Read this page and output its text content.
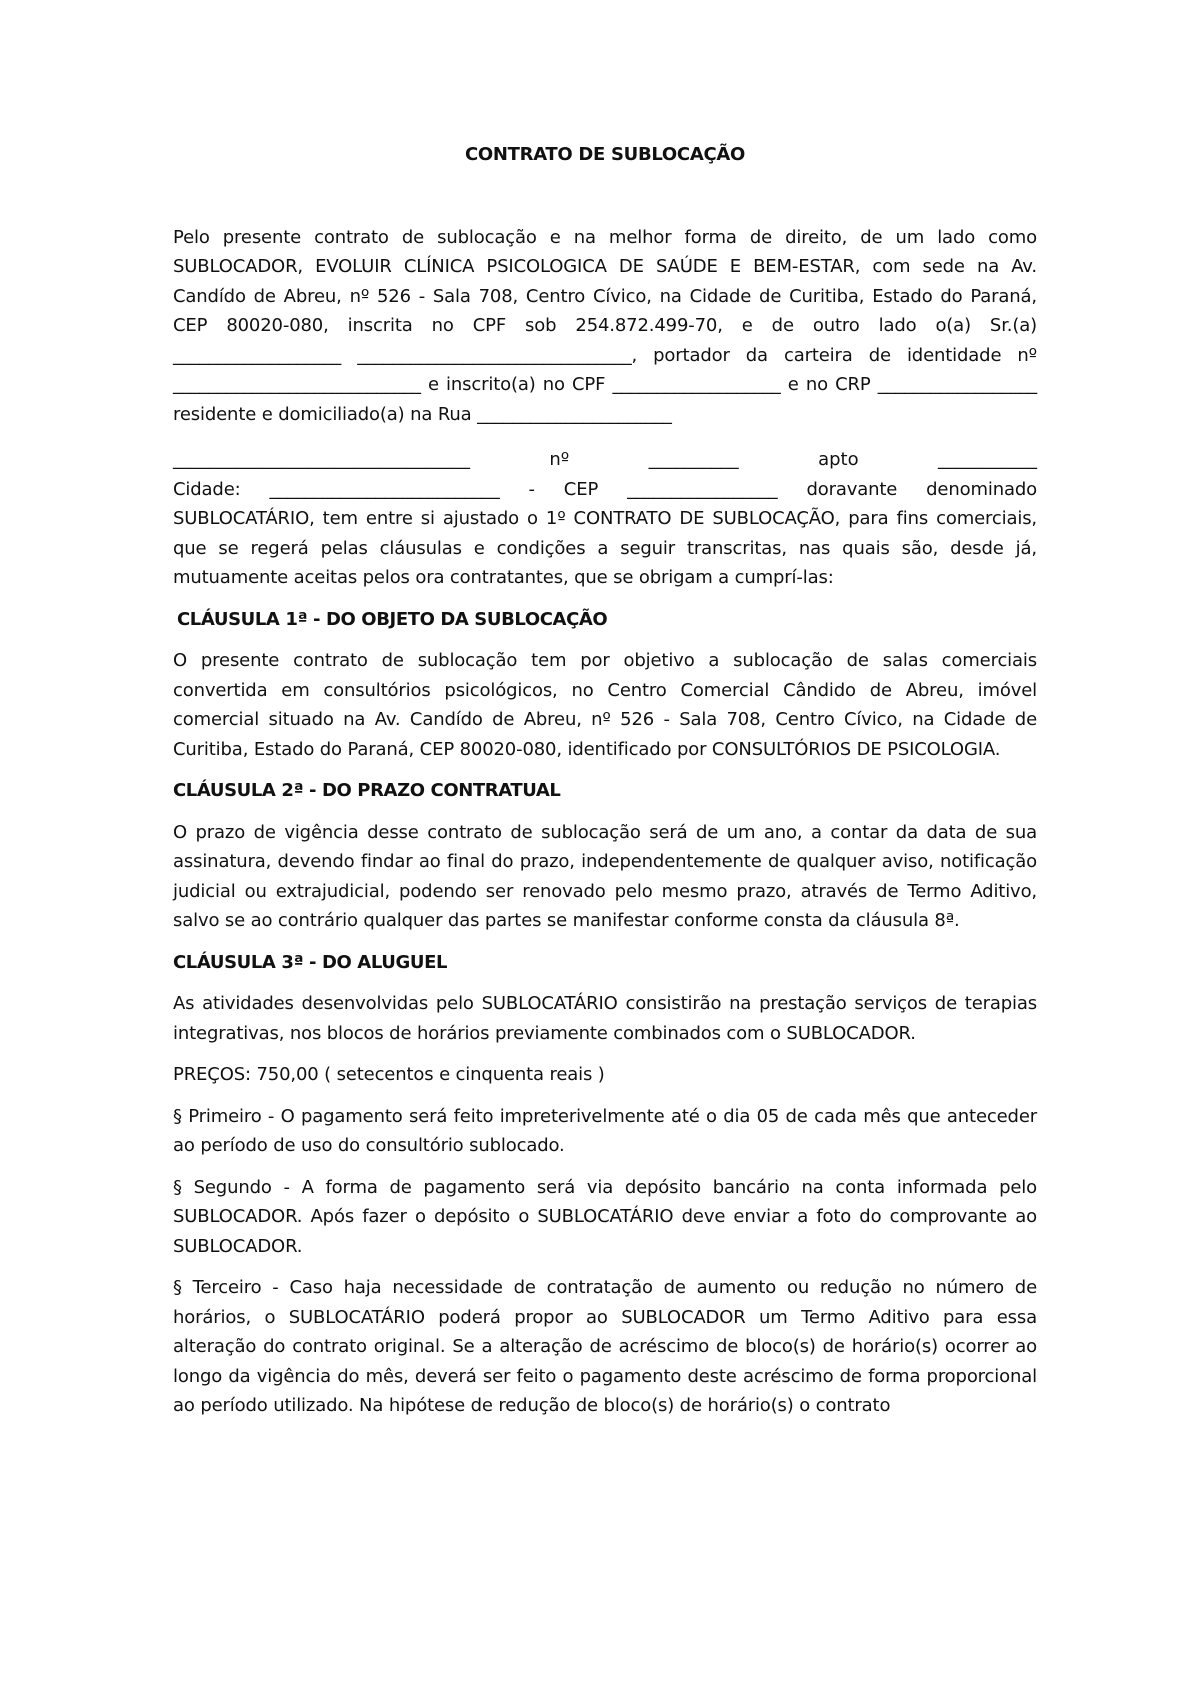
CONTRATO DE SUBLOCAÇÃO

Pelo presente contrato de sublocação e na melhor forma de direito, de um lado como SUBLOCADOR, EVOLUIR CLÍNICA PSICOLOGICA DE SAÚDE E BEM-ESTAR, com sede na Av. Candído de Abreu, nº 526 - Sala 708, Centro Cívico, na Cidade de Curitiba, Estado do Paraná, CEP 80020-080, inscrita no CPF sob 254.872.499-70, e de outro lado o(a) Sr.(a) ___________________ _______________________________, portador da carteira de identidade nº ____________________________ e inscrito(a) no CPF ___________________ e no CRP __________________ residente e domiciliado(a) na Rua ______________________

_________________________________ nº __________ apto ___________

Cidade: __________________________ - CEP _________________ doravante denominado SUBLOCATÁRIO, tem entre si ajustado o 1º CONTRATO DE SUBLOCAÇÃO, para fins comerciais, que se regerá pelas cláusulas e condições a seguir transcritas, nas quais são, desde já, mutuamente aceitas pelos ora contratantes, que se obrigam a cumprí-las:

CLÁUSULA 1ª - DO OBJETO DA SUBLOCAÇÃO

O presente contrato de sublocação tem por objetivo a sublocação de salas comerciais convertida em consultórios psicológicos, no Centro Comercial Cândido de Abreu, imóvel comercial situado na Av. Candído de Abreu, nº 526 - Sala 708, Centro Cívico, na Cidade de Curitiba, Estado do Paraná, CEP 80020-080, identificado por CONSULTÓRIOS DE PSICOLOGIA.

CLÁUSULA 2ª - DO PRAZO CONTRATUAL

O prazo de vigência desse contrato de sublocação será de um ano, a contar da data de sua assinatura, devendo findar ao final do prazo, independentemente de qualquer aviso, notificação judicial ou extrajudicial, podendo ser renovado pelo mesmo prazo, através de Termo Aditivo, salvo se ao contrário qualquer das partes se manifestar conforme consta da cláusula 8ª.

CLÁUSULA 3ª - DO ALUGUEL

As atividades desenvolvidas pelo SUBLOCATÁRIO consistirão na prestação serviços de terapias integrativas, nos blocos de horários previamente combinados com o SUBLOCADOR.

PREÇOS: 750,00 ( setecentos e cinquenta reais )

§ Primeiro - O pagamento será feito impreterivelmente até o dia 05 de cada mês que anteceder ao período de uso do consultório sublocado.

§ Segundo - A forma de pagamento será via depósito bancário na conta informada pelo SUBLOCADOR. Após fazer o depósito o SUBLOCATÁRIO deve enviar a foto do comprovante ao SUBLOCADOR.

§ Terceiro - Caso haja necessidade de contratação de aumento ou redução no número de horários, o SUBLOCATÁRIO poderá propor ao SUBLOCADOR um Termo Aditivo para essa alteração do contrato original. Se a alteração de acréscimo de bloco(s) de horário(s) ocorrer ao longo da vigência do mês, deverá ser feito o pagamento deste acréscimo de forma proporcional ao período utilizado. Na hipótese de redução de bloco(s) de horário(s) o contrato
